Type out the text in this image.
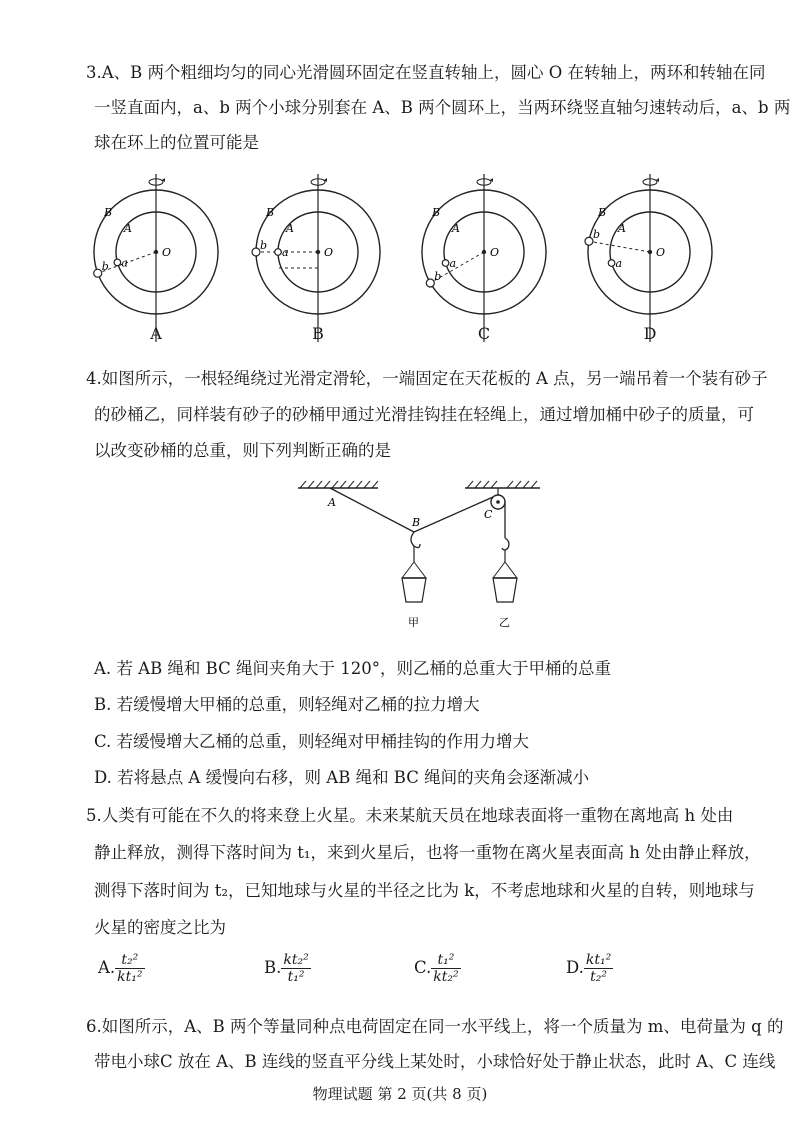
3.A、B 两个粗细均匀的同心光滑圆环固定在竖直转轴上，圆心 O 在转轴上，两环和转轴在同
一竖直面内，a、b 两个小球分别套在 A、B 两个圆环上，当两环绕竖直轴匀速转动后，a、b 两
球在环上的位置可能是
B
A
O
a
b
A
B
A
O
a
b
B
B
A
O
a
b
C
B
A
O
a
b
D
4.如图所示，一根轻绳绕过光滑定滑轮，一端固定在天花板的 A 点，另一端吊着一个装有砂子
的砂桶乙，同样装有砂子的砂桶甲通过光滑挂钩挂在轻绳上，通过增加桶中砂子的质量，可
以改变砂桶的总重，则下列判断正确的是
A
B
C
甲	乙
A. 若 AB 绳和 BC 绳间夹角大于 120°，则乙桶的总重大于甲桶的总重
B. 若缓慢增大甲桶的总重，则轻绳对乙桶的拉力增大
C. 若缓慢增大乙桶的总重，则轻绳对甲桶挂钩的作用力增大
D. 若将悬点 A 缓慢向右移，则 AB 绳和 BC 绳间的夹角会逐渐减小
5.人类有可能在不久的将来登上火星。未来某航天员在地球表面将一重物在离地高 h 处由
静止释放，测得下落时间为 t₁，来到火星后，也将一重物在离火星表面高 h 处由静止释放，
测得下落时间为 t₂，已知地球与火星的半径之比为 k，不考虑地球和火星的自转，则地球与
火星的密度之比为
A. $\frac{\text{t₂²}}{\text{kt₁²}}$	B. $\frac{\text{kt₂²}}{\text{t₁²}}$	C. $\frac{\text{t₁²}}{\text{kt₂²}}$	D. $\frac{\text{kt₁²}}{\text{t₂²}}$
6.如图所示，A、B 两个等量同种点电荷固定在同一水平线上，将一个质量为 m、电荷量为 q 的
带电小球C 放在 A、B 连线的竖直平分线上某处时，小球恰好处于静止状态，此时 A、C 连线
物理试题 第 2 页(共 8 页)
